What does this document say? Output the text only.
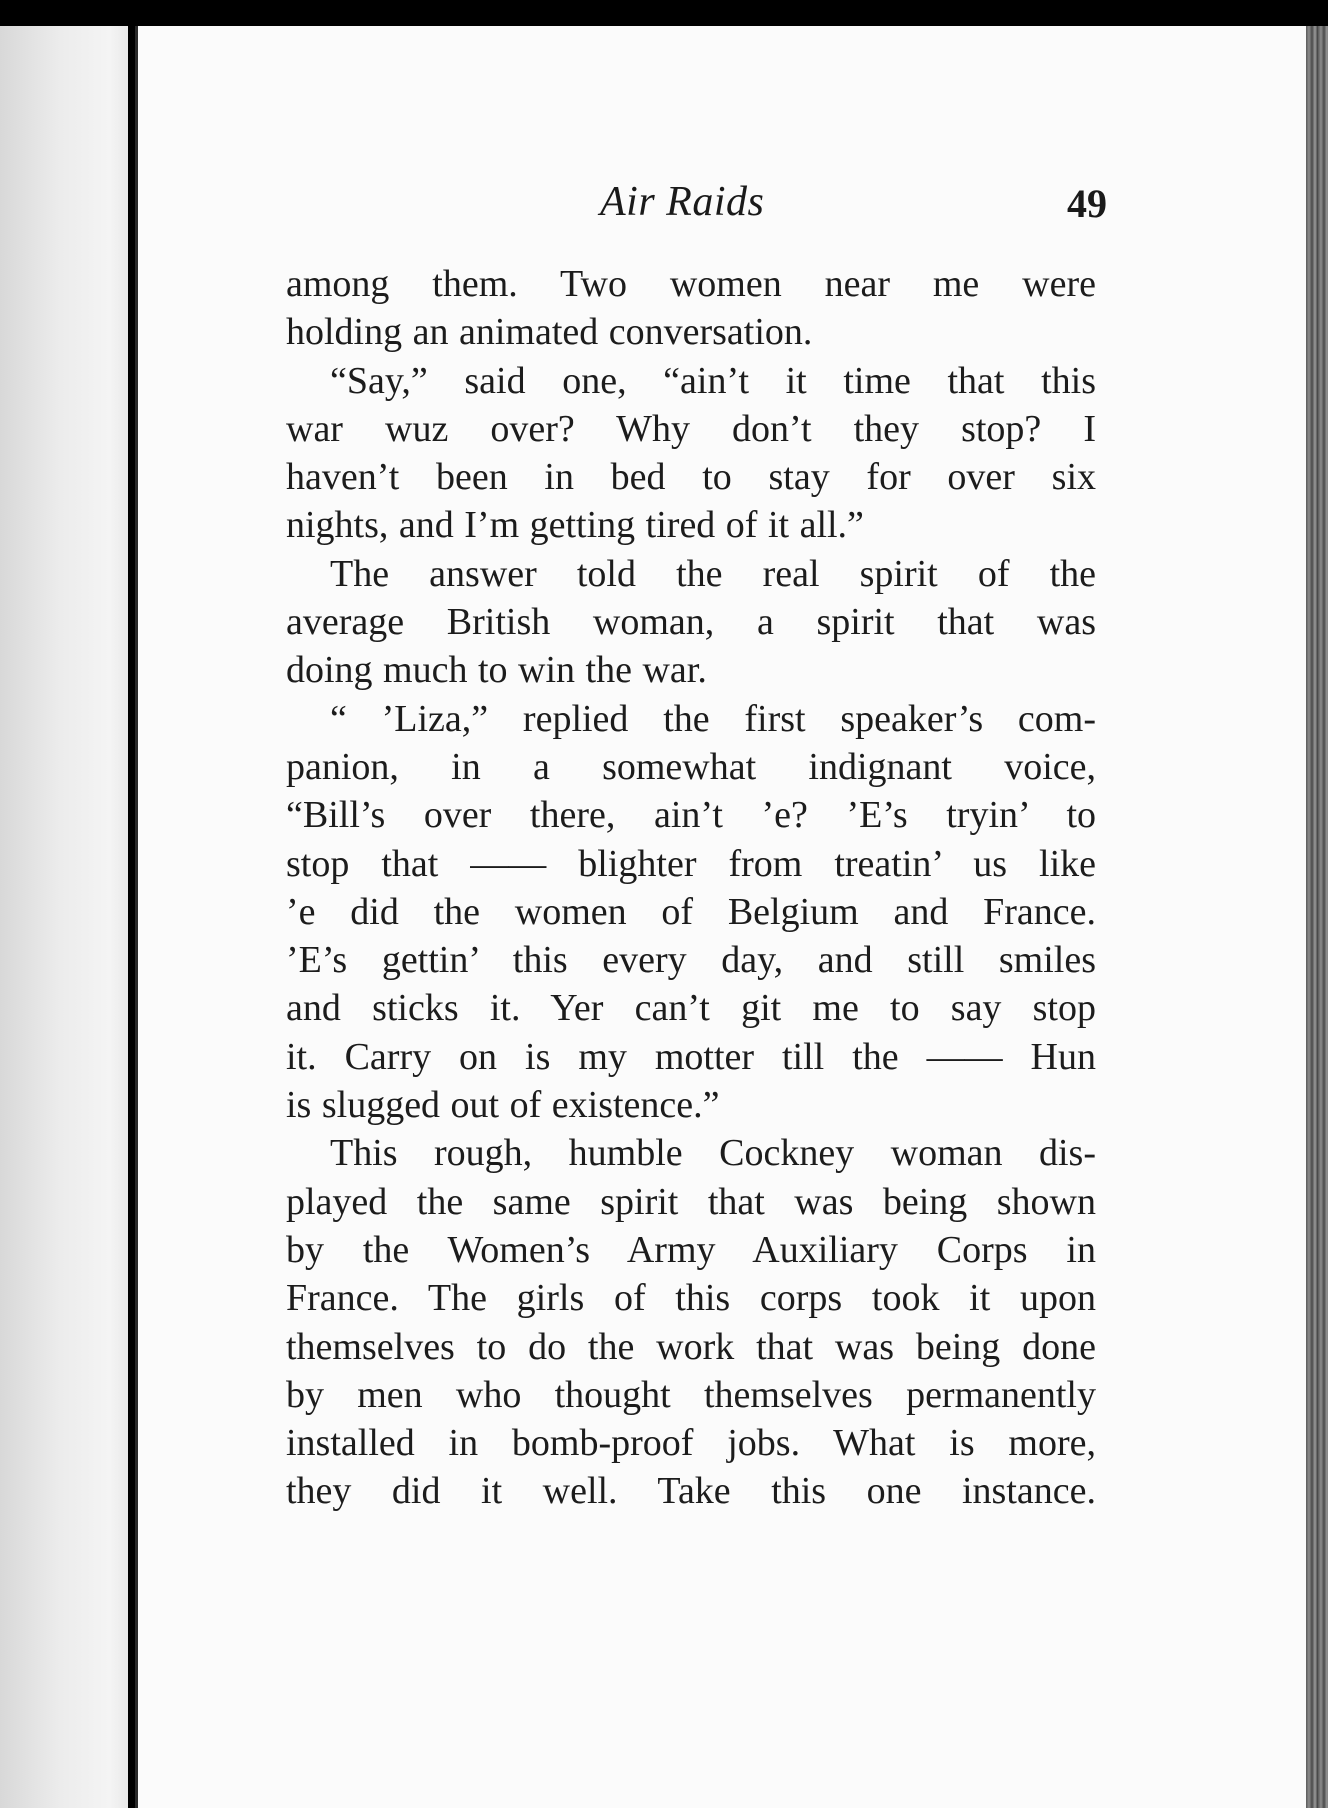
Air Raids	49
among them. Two women near me were
holding an animated conversation.
“Say,” said one, “ain’t it time that this
war wuz over? Why don’t they stop? I
haven’t been in bed to stay for over six
nights, and I’m getting tired of it all.”
The answer told the real spirit of the
average British woman, a spirit that was
doing much to win the war.
“ ’Liza,” replied the first speaker’s com-
panion, in a somewhat indignant voice,
“Bill’s over there, ain’t ’e? ’E’s tryin’ to
stop that —— blighter from treatin’ us like
’e did the women of Belgium and France.
’E’s gettin’ this every day, and still smiles
and sticks it. Yer can’t git me to say stop
it. Carry on is my motter till the —— Hun
is slugged out of existence.”
This rough, humble Cockney woman dis-
played the same spirit that was being shown
by the Women’s Army Auxiliary Corps in
France. The girls of this corps took it upon
themselves to do the work that was being done
by men who thought themselves permanently
installed in bomb-proof jobs. What is more,
they did it well. Take this one instance.
